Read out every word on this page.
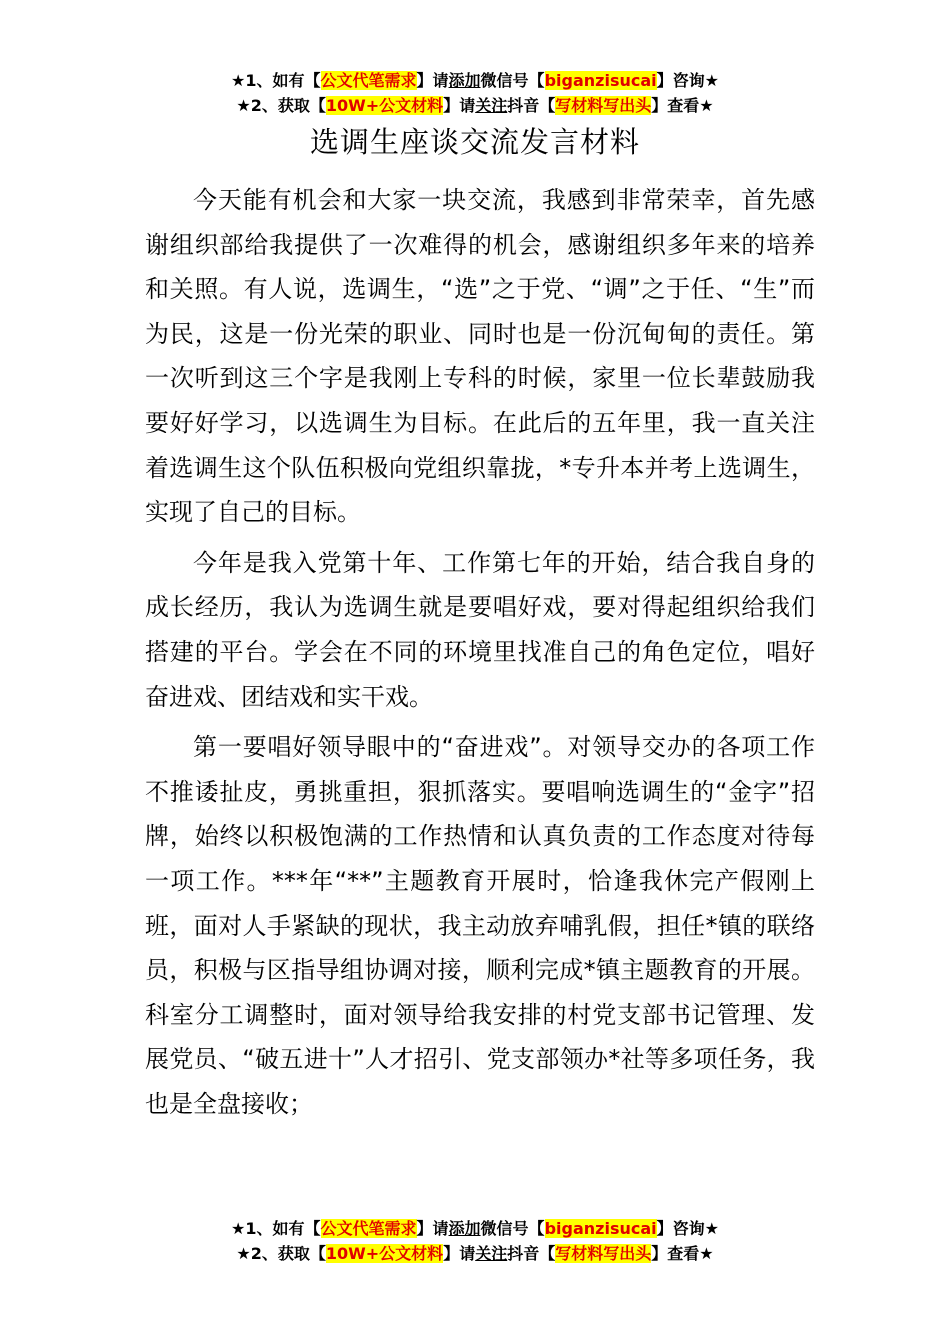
★1、如有【公文代笔需求】请添加微信号【biganzisucai】咨询★
★2、获取【10W+公文材料】请关注抖音【写材料写出头】查看★
选调生座谈交流发言材料

今天能有机会和大家一块交流，我感到非常荣幸，首先感谢组织部给我提供了一次难得的机会，感谢组织多年来的培养和关照。有人说，选调生，“选”之于党、“调”之于任、“生”而为民，这是一份光荣的职业、同时也是一份沉甸甸的责任。第一次听到这三个字是我刚上专科的时候，家里一位长辈鼓励我要好好学习，以选调生为目标。在此后的五年里，我一直关注着选调生这个队伍积极向党组织靠拢，*专升本并考上选调生，实现了自己的目标。

今年是我入党第十年、工作第七年的开始，结合我自身的成长经历，我认为选调生就是要唱好戏，要对得起组织给我们搭建的平台。学会在不同的环境里找准自己的角色定位，唱好奋进戏、团结戏和实干戏。

第一要唱好领导眼中的“奋进戏”。对领导交办的各项工作不推诿扯皮，勇挑重担，狠抓落实。要唱响选调生的“金字”招牌，始终以积极饱满的工作热情和认真负责的工作态度对待每一项工作。***年“**”主题教育开展时，恰逢我休完产假刚上班，面对人手紧缺的现状，我主动放弃哺乳假，担任*镇的联络员，积极与区指导组协调对接，顺利完成*镇主题教育的开展。科室分工调整时，面对领导给我安排的村党支部书记管理、发展党员、“破五进十”人才招引、党支部领办*社等多项任务，我也是全盘接收；

★1、如有【公文代笔需求】请添加微信号【biganzisucai】咨询★
★2、获取【10W+公文材料】请关注抖音【写材料写出头】查看★
